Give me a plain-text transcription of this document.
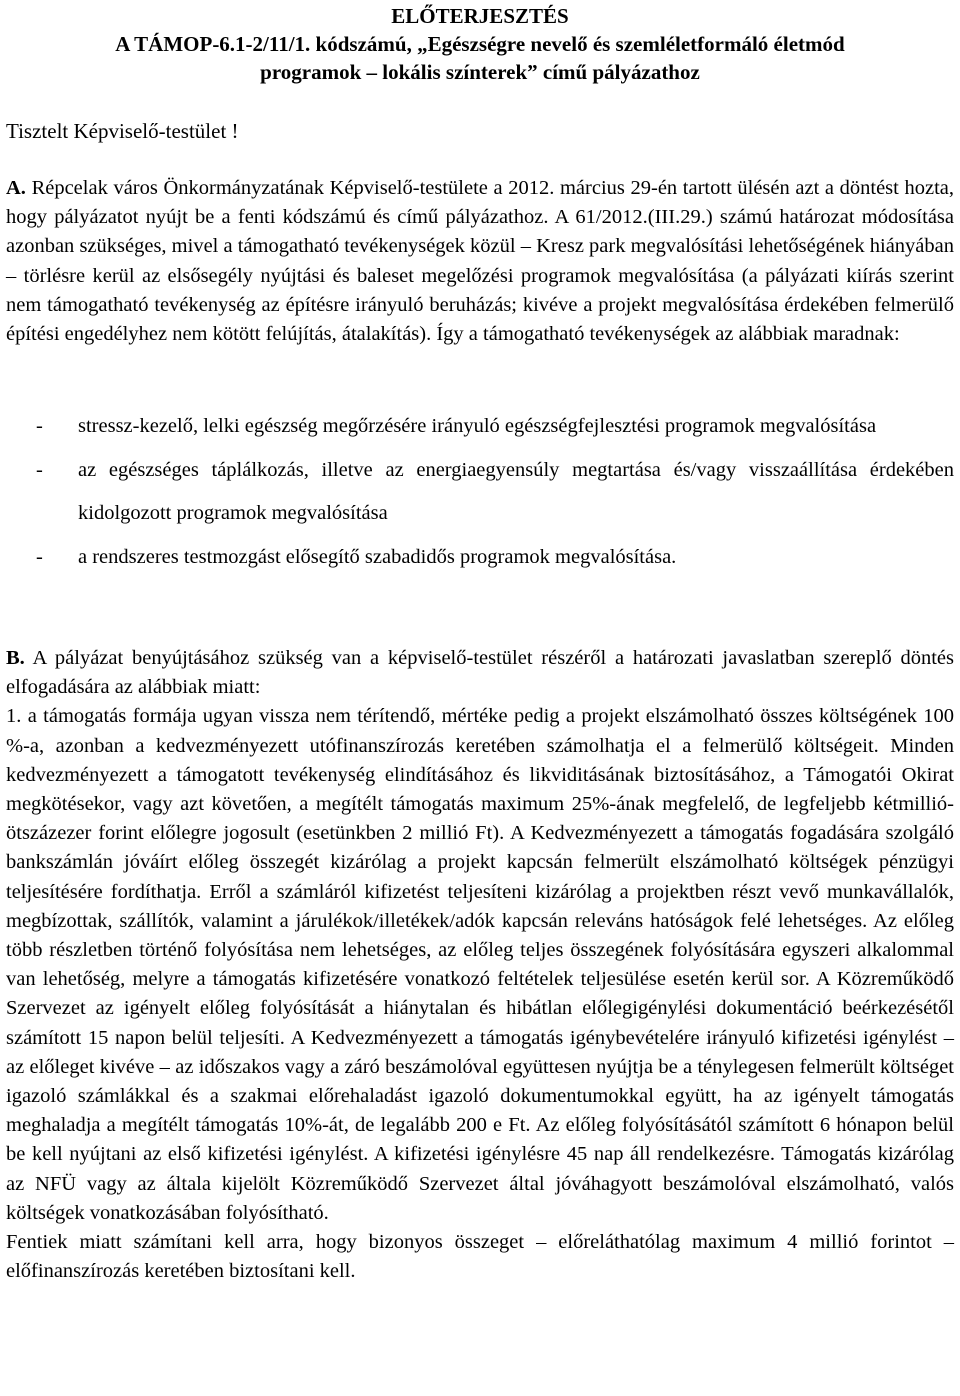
ELŐTERJESZTÉS
A TÁMOP-6.1-2/11/1. kódszámú, „Egészségre nevelő és szemléletformáló életmód
programok – lokális színterek” című pályázathoz
Tisztelt Képviselő-testület !
A. Répcelak város Önkormányzatának Képviselő-testülete a 2012. március 29-én tartott ülésén azt a döntést hozta, hogy pályázatot nyújt be a fenti kódszámú és című pályázathoz. A 61/2012.(III.29.) számú határozat módosítása azonban szükséges, mivel a támogatható tevékenységek közül – Kresz park megvalósítási lehetőségének hiányában – törlésre kerül az elsősegély nyújtási és baleset megelőzési programok megvalósítása (a pályázati kiírás szerint nem támogatható tevékenység az építésre irányuló beruházás; kivéve a projekt megvalósítása érdekében felmerülő építési engedélyhez nem kötött felújítás, átalakítás). Így a támogatható tevékenységek az alábbiak maradnak:
- stressz-kezelő, lelki egészség megőrzésére irányuló egészségfejlesztési programok megvalósítása
- az egészséges táplálkozás, illetve az energiaegyensúly megtartása és/vagy visszaállítása érdekében kidolgozott programok megvalósítása
- a rendszeres testmozgást elősegítő szabadidős programok megvalósítása.
B. A pályázat benyújtásához szükség van a képviselő-testület részéről a határozati javaslatban szereplő döntés elfogadására az alábbiak miatt:
1. a támogatás formája ugyan vissza nem térítendő, mértéke pedig a projekt elszámolható összes költségének 100 %-a, azonban a kedvezményezett utófinanszírozás keretében számolhatja el a felmerülő költségeit. Minden kedvezményezett a támogatott tevékenység elindításához és likviditásának biztosításához, a Támogatói Okirat megkötésekor, vagy azt követően, a megítélt támogatás maximum 25%-ának megfelelő, de legfeljebb kétmillió-ötszázezer forint előlegre jogosult (esetünkben 2 millió Ft). A Kedvezményezett a támogatás fogadására szolgáló bankszámlán jóváírt előleg összegét kizárólag a projekt kapcsán felmerült elszámolható költségek pénzügyi teljesítésére fordíthatja. Erről a számláról kifizetést teljesíteni kizárólag a projektben részt vevő munkavállalók, megbízottak, szállítók, valamint a járulékok/illetékek/adók kapcsán releváns hatóságok felé lehetséges. Az előleg több részletben történő folyósítása nem lehetséges, az előleg teljes összegének folyósítására egyszeri alkalommal van lehetőség, melyre a támogatás kifizetésére vonatkozó feltételek teljesülése esetén kerül sor. A Közreműködő Szervezet az igényelt előleg folyósítását a hiánytalan és hibátlan előlegigénylési dokumentáció beérkezésétől számított 15 napon belül teljesíti. A Kedvezményezett a támogatás igénybevételére irányuló kifizetési igénylést – az előleget kivéve – az időszakos vagy a záró beszámolóval együttesen nyújtja be a ténylegesen felmerült költséget igazoló számlákkal és a szakmai előrehaladást igazoló dokumentumokkal együtt, ha az igényelt támogatás meghaladja a megítélt támogatás 10%-át, de legalább 200 e Ft. Az előleg folyósításától számított 6 hónapon belül be kell nyújtani az első kifizetési igénylést. A kifizetési igénylésre 45 nap áll rendelkezésre. Támogatás kizárólag az NFÜ vagy az általa kijelölt Közreműködő Szervezet által jóváhagyott beszámolóval elszámolható, valós költségek vonatkozásában folyósítható.
Fentiek miatt számítani kell arra, hogy bizonyos összeget – előreláthatólag maximum 4 millió forintot – előfinanszírozás keretében biztosítani kell.
